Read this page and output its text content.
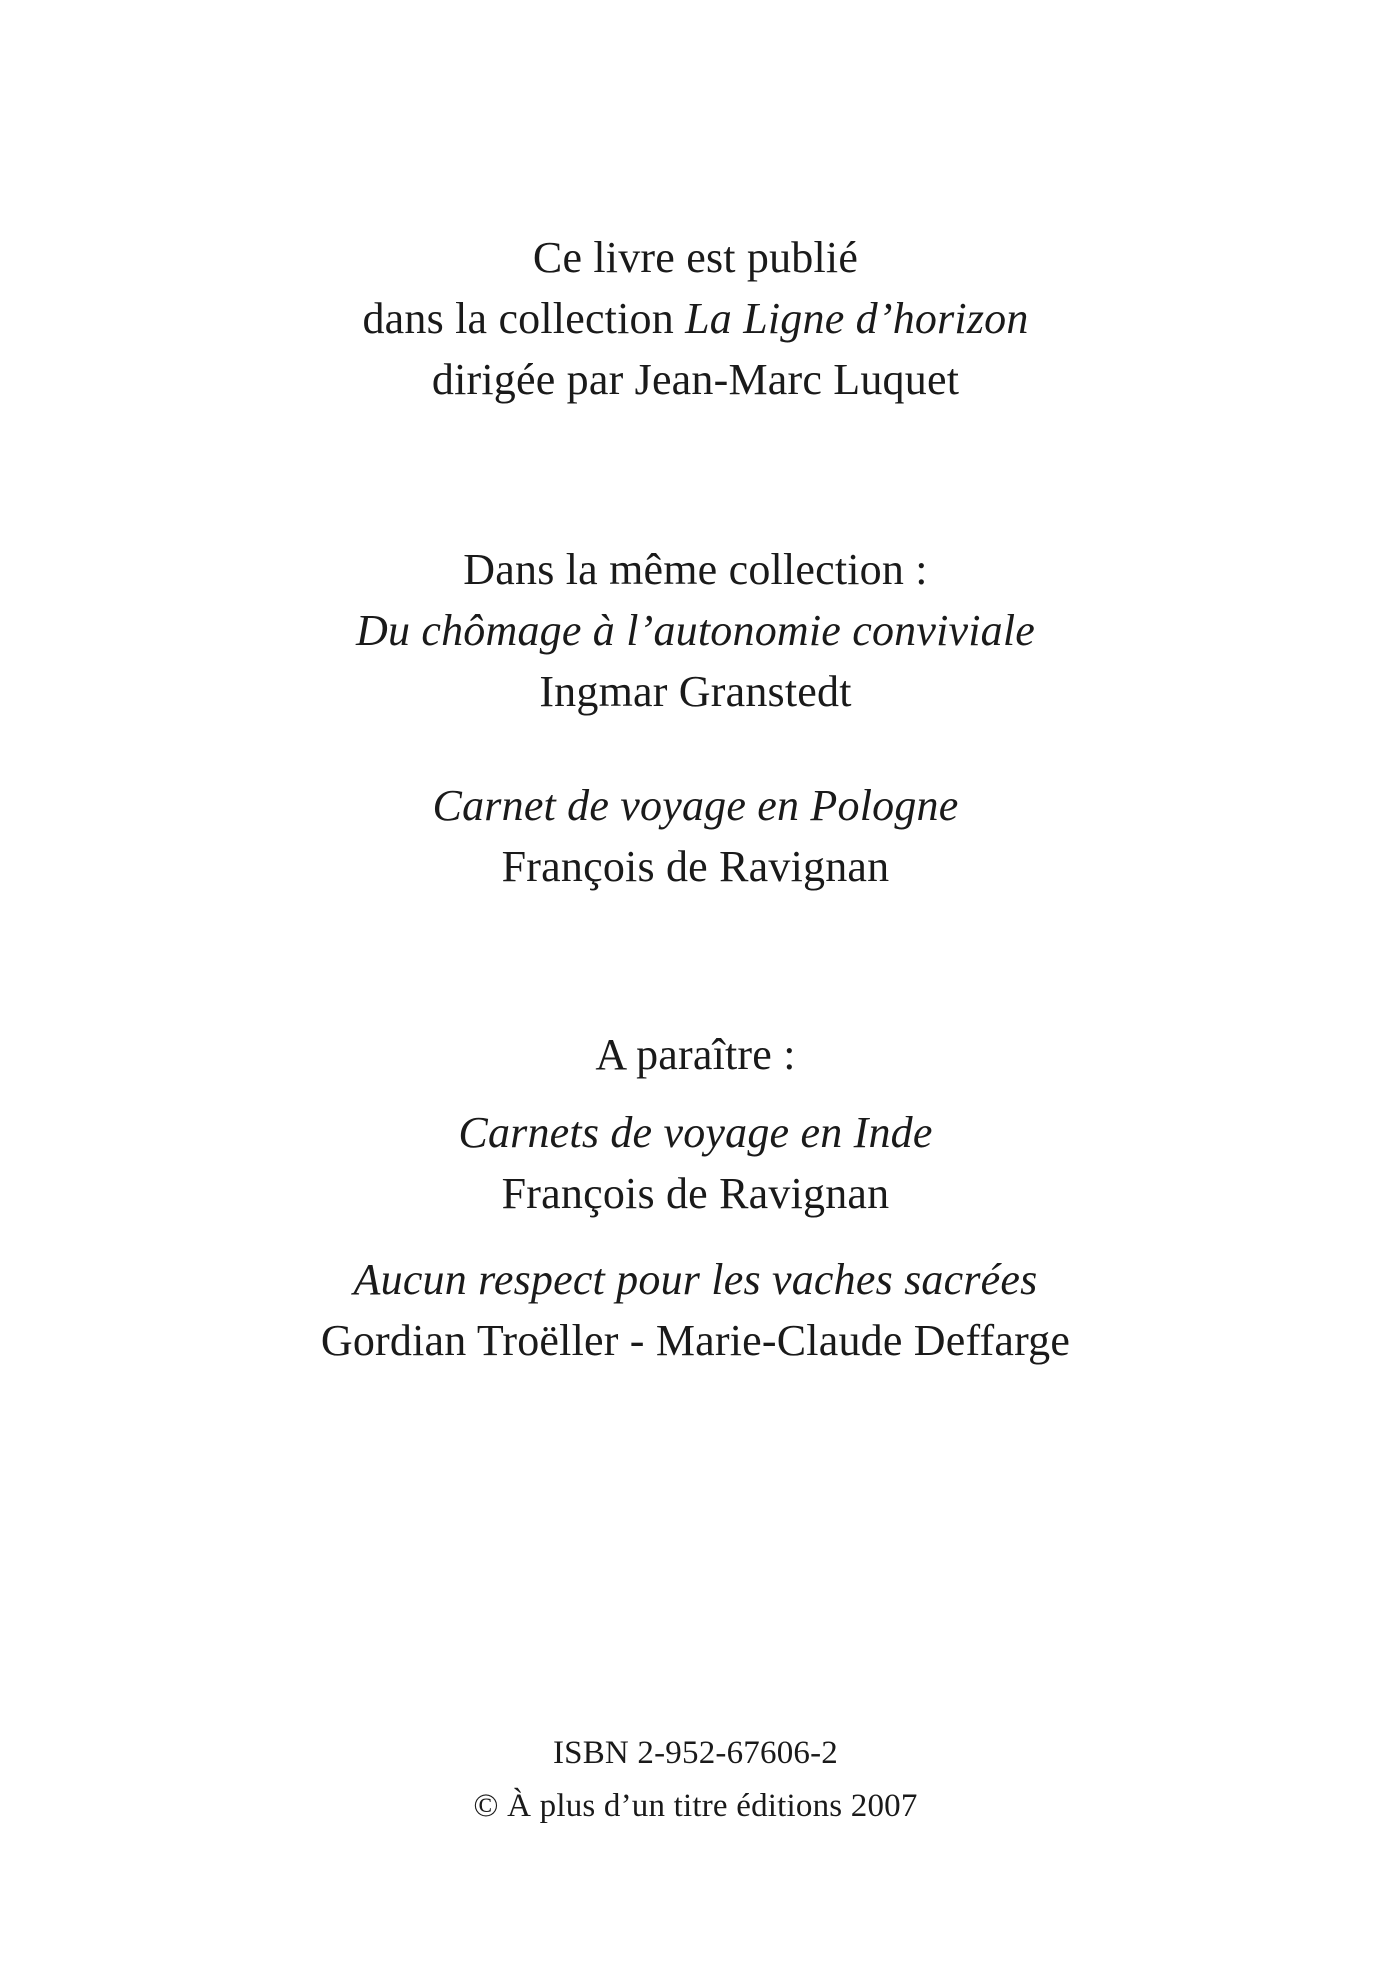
Ce livre est publié
dans la collection La Ligne d’horizon
dirigée par Jean-Marc Luquet
Dans la même collection :
Du chômage à l’autonomie conviviale
Ingmar Granstedt
Carnet de voyage en Pologne
François de Ravignan
A paraître :
Carnets de voyage en Inde
François de Ravignan
Aucun respect pour les vaches sacrées
Gordian Troëller - Marie-Claude Deffarge
ISBN 2-952-67606-2
© À plus d’un titre éditions 2007
